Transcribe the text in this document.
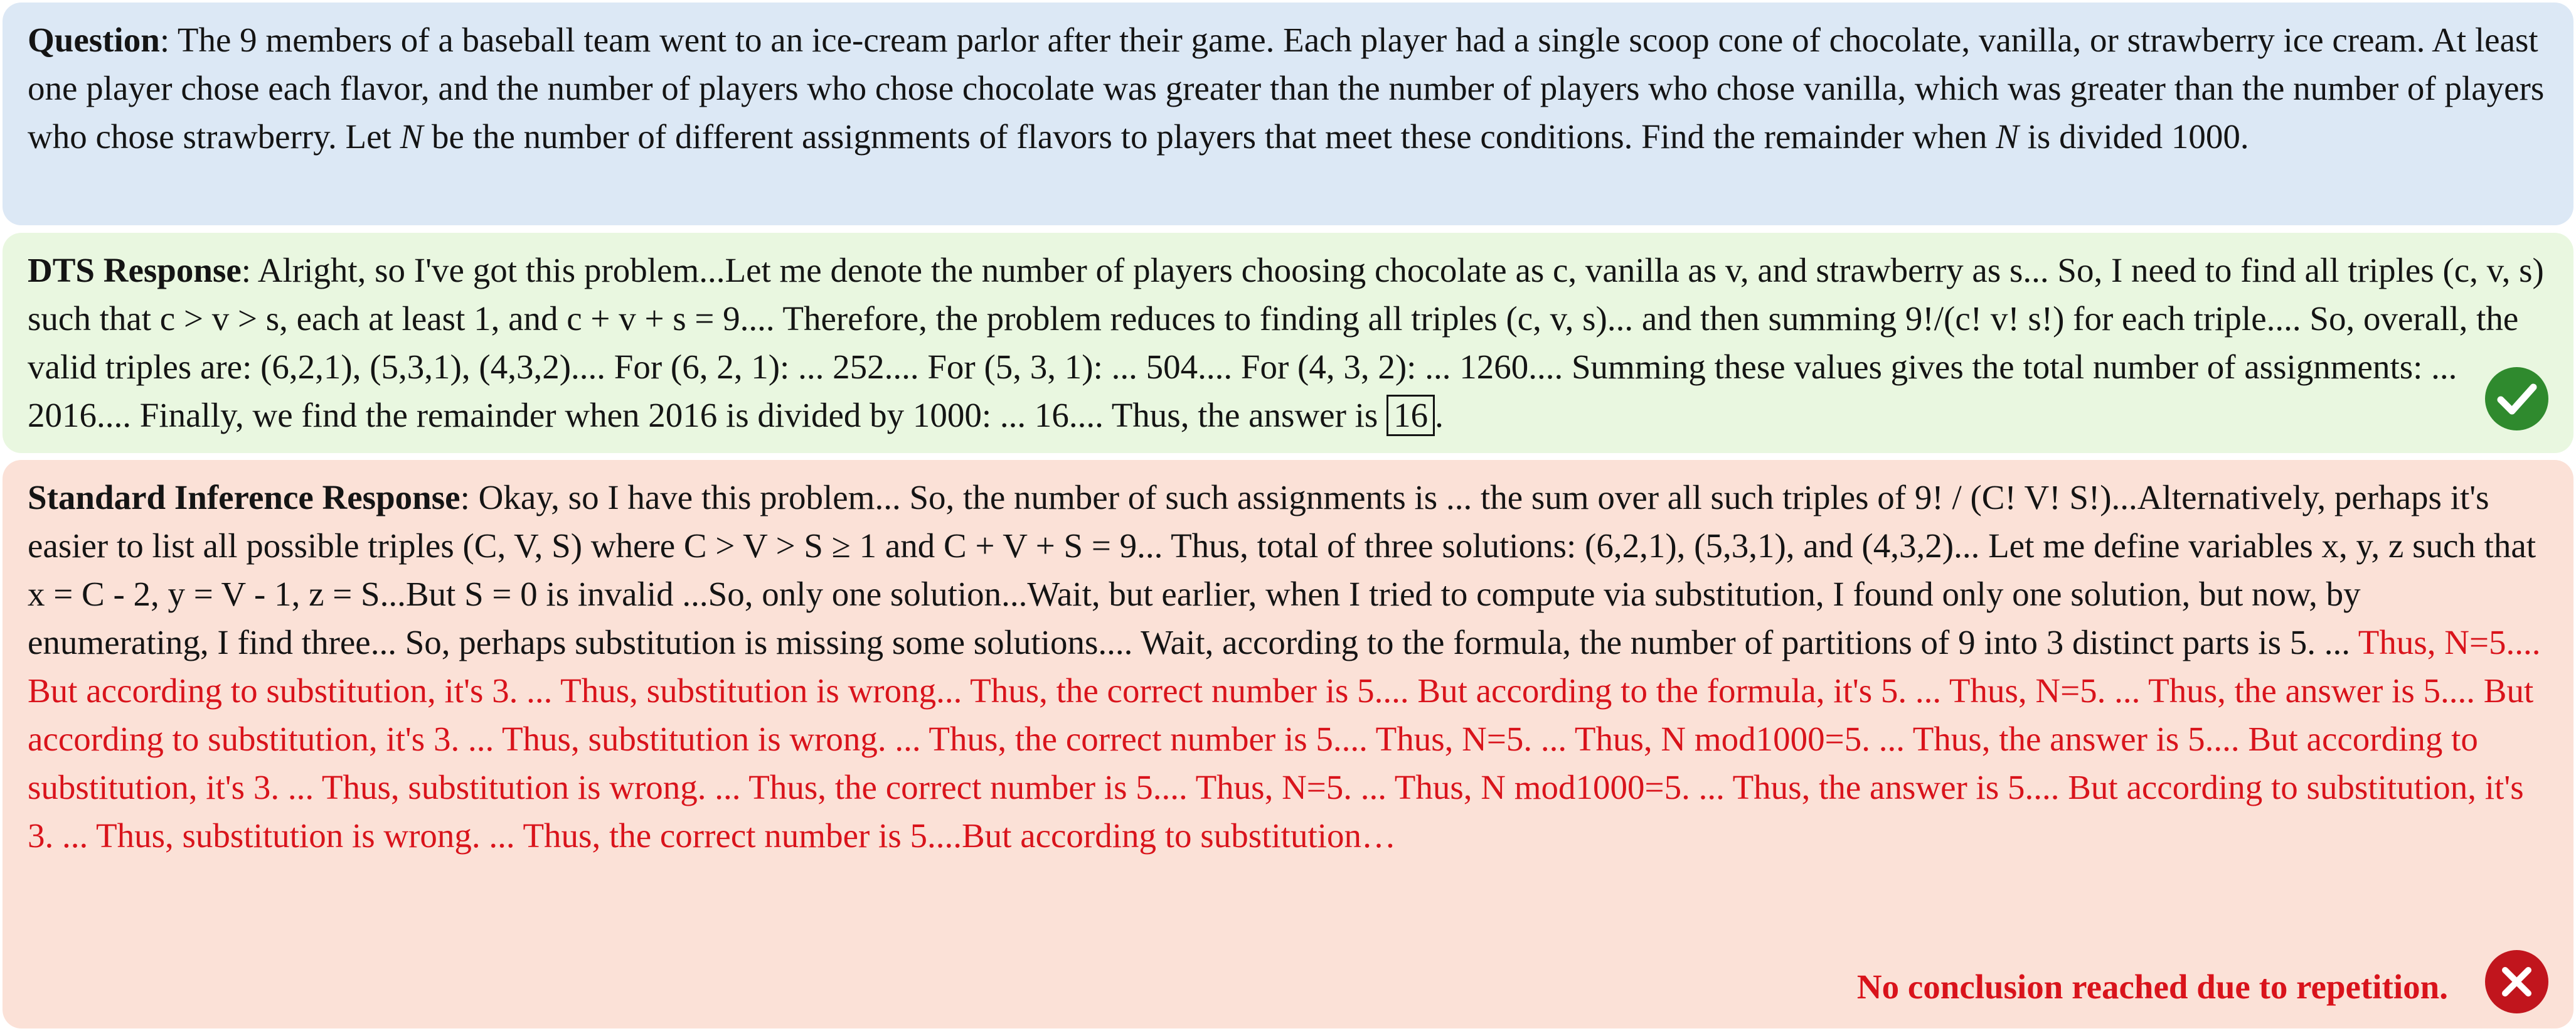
Question: The 9 members of a baseball team went to an ice-cream parlor after their game. Each player had a single scoop cone of chocolate, vanilla, or strawberry ice cream. At least one player chose each flavor, and the number of players who chose chocolate was greater than the number of players who chose vanilla, which was greater than the number of players who chose strawberry. Let N be the number of different assignments of flavors to players that meet these conditions. Find the remainder when N is divided 1000.

DTS Response: Alright, so I've got this problem...Let me denote the number of players choosing chocolate as c, vanilla as v, and strawberry as s... So, I need to find all triples (c, v, s) such that c > v > s, each at least 1, and c + v + s = 9.... Therefore, the problem reduces to finding all triples (c, v, s)... and then summing 9!/(c! v! s!) for each triple.... So, overall, the valid triples are: (6,2,1), (5,3,1), (4,3,2).... For (6, 2, 1): ... 252.... For (5, 3, 1): ... 504.... For (4, 3, 2): ... 1260.... Summing these values gives the total number of assignments: ... 2016.... Finally, we find the remainder when 2016 is divided by 1000: ... 16.... Thus, the answer is 16 .

Standard Inference Response: Okay, so I have this problem... So, the number of such assignments is ... the sum over all such triples of 9! / (C! V! S!)...Alternatively, perhaps it's easier to list all possible triples (C, V, S) where C > V > S ≥ 1 and C + V + S = 9... Thus, total of three solutions: (6,2,1), (5,3,1), and (4,3,2)... Let me define variables x, y, z such that x = C - 2, y = V - 1, z = S...But S = 0 is invalid ...So, only one solution...Wait, but earlier, when I tried to compute via substitution, I found only one solution, but now, by enumerating, I find three... So, perhaps substitution is missing some solutions.... Wait, according to the formula, the number of partitions of 9 into 3 distinct parts is 5. ... Thus, N=5.... But according to substitution, it's 3. ... Thus, substitution is wrong... Thus, the correct number is 5.... But according to the formula, it's 5. ... Thus, N=5. ... Thus, the answer is 5.... But according to substitution, it's 3. ... Thus, substitution is wrong. ... Thus, the correct number is 5.... Thus, N=5. ... Thus, N mod1000=5. ... Thus, the answer is 5.... But according to substitution, it's 3. ... Thus, substitution is wrong. ... Thus, the correct number is 5.... Thus, N=5. ... Thus, N mod1000=5. ... Thus, the answer is 5.... But according to substitution, it's 3. ... Thus, substitution is wrong. ... Thus, the correct number is 5....But according to substitution…

No conclusion reached due to repetition.
